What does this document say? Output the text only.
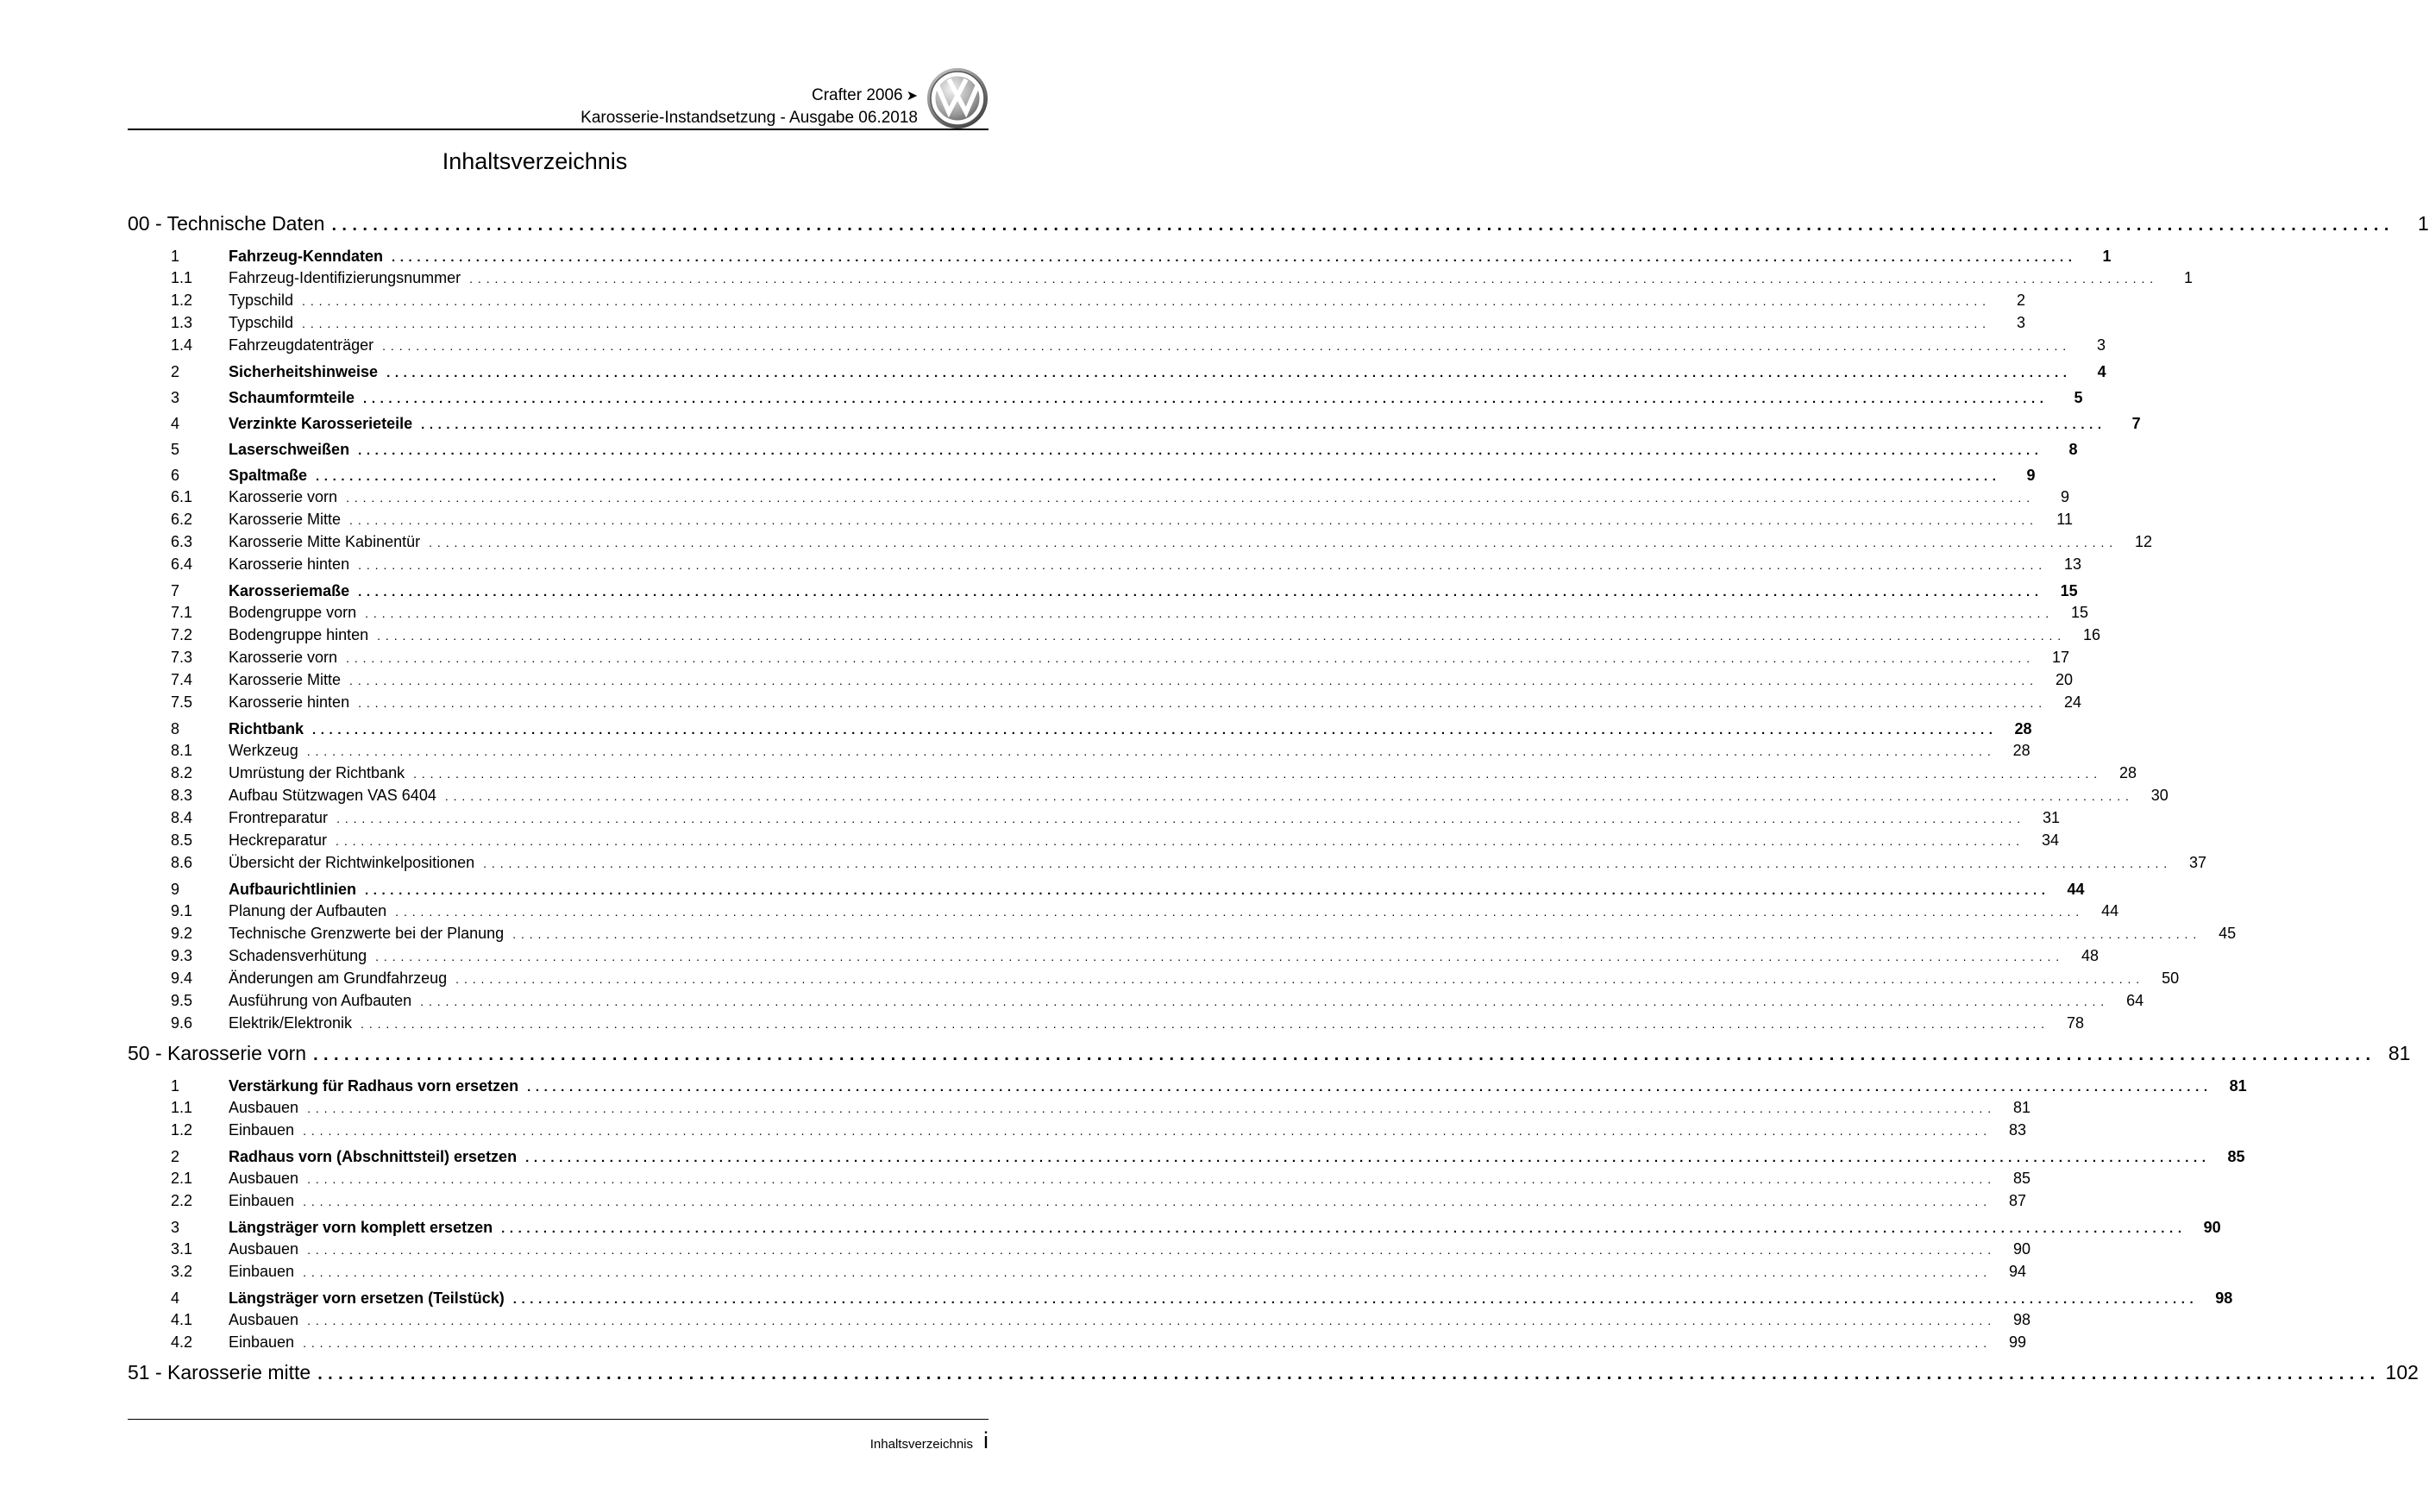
Crafter 2006 ➤
Karosserie-Instandsetzung - Ausgabe 06.2018
Inhaltsverzeichnis
00 - Technische Daten ........................................................................................................................................................................................................	1
1	Fahrzeug-Kenndaten ........................................................................................................................................................................................................	1
1.1	Fahrzeug-Identifizierungsnummer ........................................................................................................................................................................................................	1
1.2	Typschild ........................................................................................................................................................................................................	2
1.3	Typschild ........................................................................................................................................................................................................	3
1.4	Fahrzeugdatenträger ........................................................................................................................................................................................................	3
2	Sicherheitshinweise ........................................................................................................................................................................................................	4
3	Schaumformteile ........................................................................................................................................................................................................	5
4	Verzinkte Karosserieteile ........................................................................................................................................................................................................	7
5	Laserschweißen ........................................................................................................................................................................................................	8
6	Spaltmaße ........................................................................................................................................................................................................	9
6.1	Karosserie vorn ........................................................................................................................................................................................................	9
6.2	Karosserie Mitte ........................................................................................................................................................................................................	11
6.3	Karosserie Mitte Kabinentür ........................................................................................................................................................................................................	12
6.4	Karosserie hinten ........................................................................................................................................................................................................	13
7	Karosseriemaße ........................................................................................................................................................................................................	15
7.1	Bodengruppe vorn ........................................................................................................................................................................................................	15
7.2	Bodengruppe hinten ........................................................................................................................................................................................................	16
7.3	Karosserie vorn ........................................................................................................................................................................................................	17
7.4	Karosserie Mitte ........................................................................................................................................................................................................	20
7.5	Karosserie hinten ........................................................................................................................................................................................................	24
8	Richtbank ........................................................................................................................................................................................................	28
8.1	Werkzeug ........................................................................................................................................................................................................	28
8.2	Umrüstung der Richtbank ........................................................................................................................................................................................................	28
8.3	Aufbau Stützwagen VAS 6404 ........................................................................................................................................................................................................	30
8.4	Frontreparatur ........................................................................................................................................................................................................	31
8.5	Heckreparatur ........................................................................................................................................................................................................	34
8.6	Übersicht der Richtwinkelpositionen ........................................................................................................................................................................................................	37
9	Aufbaurichtlinien ........................................................................................................................................................................................................	44
9.1	Planung der Aufbauten ........................................................................................................................................................................................................	44
9.2	Technische Grenzwerte bei der Planung ........................................................................................................................................................................................................	45
9.3	Schadensverhütung ........................................................................................................................................................................................................	48
9.4	Änderungen am Grundfahrzeug ........................................................................................................................................................................................................	50
9.5	Ausführung von Aufbauten ........................................................................................................................................................................................................	64
9.6	Elektrik/Elektronik ........................................................................................................................................................................................................	78
50 - Karosserie vorn ........................................................................................................................................................................................................ 81
1	Verstärkung für Radhaus vorn ersetzen ........................................................................................................................................................................................................	81
1.1	Ausbauen ........................................................................................................................................................................................................	81
1.2	Einbauen ........................................................................................................................................................................................................	83
2	Radhaus vorn (Abschnittsteil) ersetzen ........................................................................................................................................................................................................	85
2.1	Ausbauen ........................................................................................................................................................................................................	85
2.2	Einbauen ........................................................................................................................................................................................................	87
3	Längsträger vorn komplett ersetzen ........................................................................................................................................................................................................	90
3.1	Ausbauen ........................................................................................................................................................................................................	90
3.2	Einbauen ........................................................................................................................................................................................................	94
4	Längsträger vorn ersetzen (Teilstück) ........................................................................................................................................................................................................	98
4.1	Ausbauen ........................................................................................................................................................................................................	98
4.2	Einbauen ........................................................................................................................................................................................................	99
51 - Karosserie mitte ........................................................................................................................................................................................................ 102
Inhaltsverzeichnis i
